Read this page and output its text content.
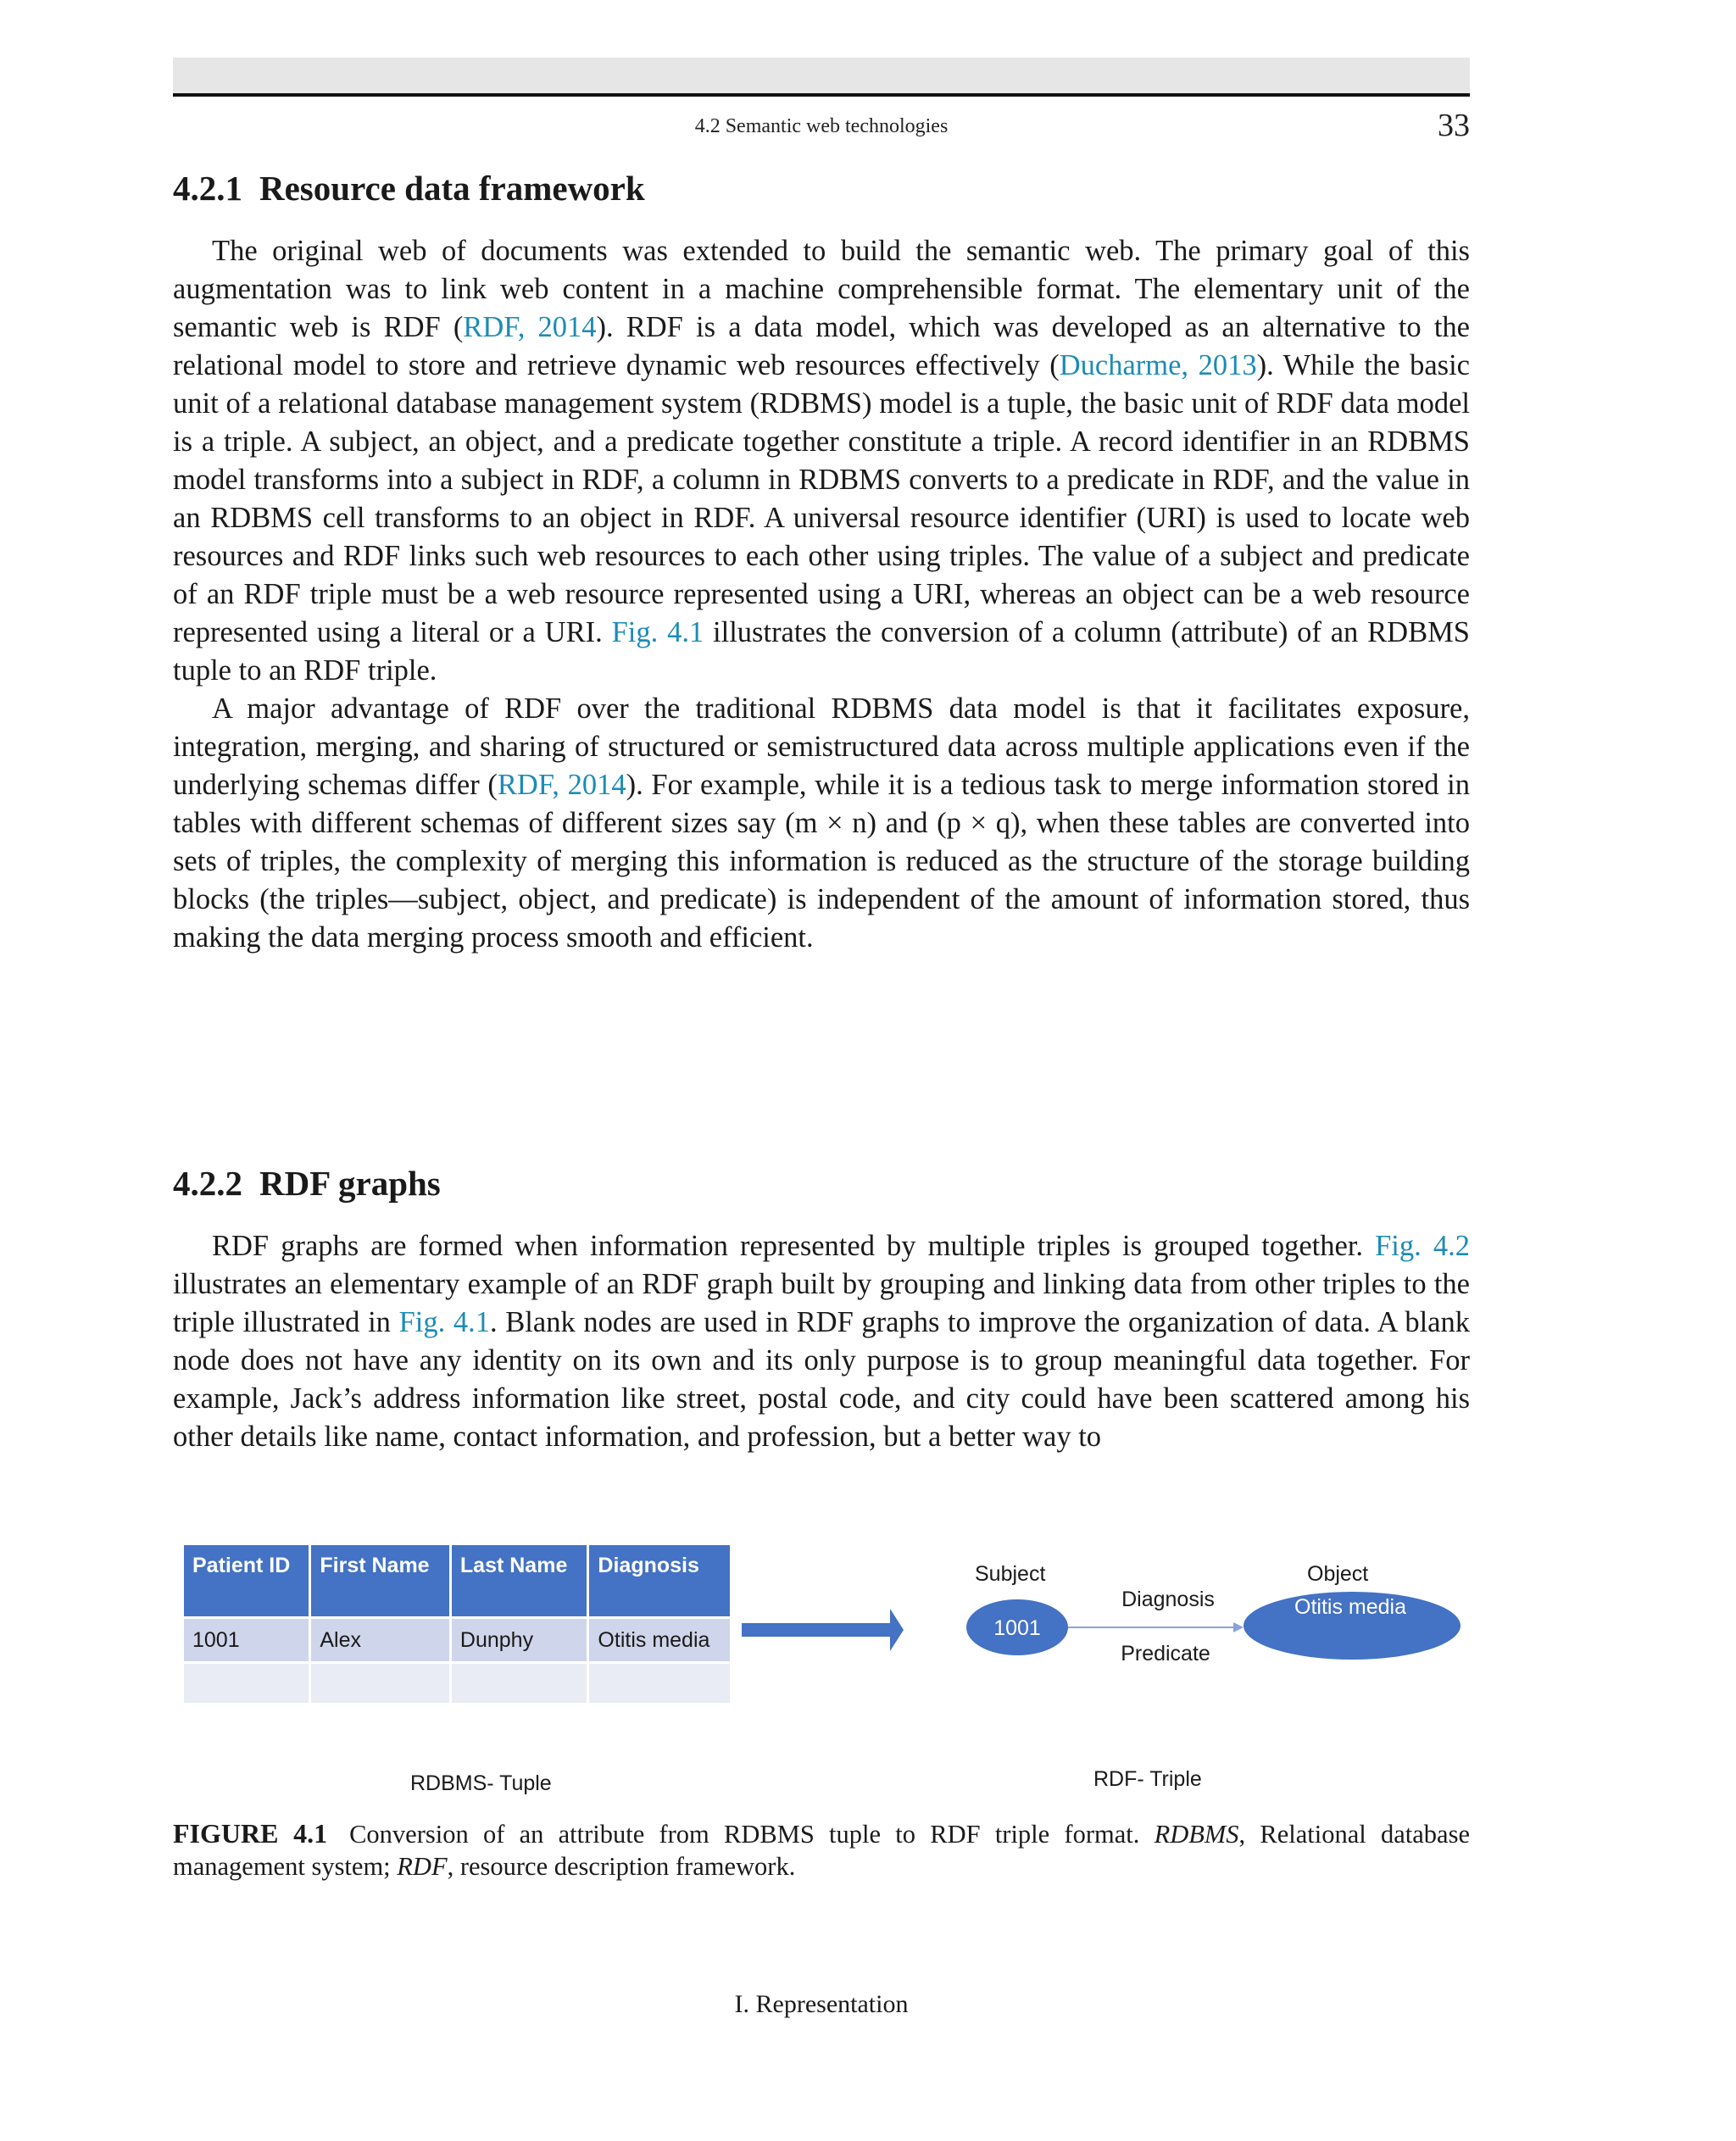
4.2 Semantic web technologies	33
4.2.1 Resource data framework

The original web of documents was extended to build the semantic web. The primary goal of this augmentation was to link web content in a machine comprehensible format. The elementary unit of the semantic web is RDF (RDF, 2014). RDF is a data model, which was developed as an alternative to the relational model to store and retrieve dynamic web resources effectively (Ducharme, 2013). While the basic unit of a relational database management system (RDBMS) model is a tuple, the basic unit of RDF data model is a triple. A subject, an object, and a predicate together constitute a triple. A record identifier in an RDBMS model transforms into a subject in RDF, a column in RDBMS converts to a predicate in RDF, and the value in an RDBMS cell transforms to an object in RDF. A universal resource identifier (URI) is used to locate web resources and RDF links such web resources to each other using triples. The value of a subject and predicate of an RDF triple must be a web resource represented using a URI, whereas an object can be a web resource represented using a literal or a URI. Fig. 4.1 illustrates the conversion of a column (attribute) of an RDBMS tuple to an RDF triple.

A major advantage of RDF over the traditional RDBMS data model is that it facilitates exposure, integration, merging, and sharing of structured or semistructured data across multiple applications even if the underlying schemas differ (RDF, 2014). For example, while it is a tedious task to merge information stored in tables with different schemas of different sizes say (m × n) and (p × q), when these tables are converted into sets of triples, the complexity of merging this information is reduced as the structure of the storage building blocks (the triples—subject, object, and predicate) is independent of the amount of information stored, thus making the data merging process smooth and efficient.

4.2.2 RDF graphs

RDF graphs are formed when information represented by multiple triples is grouped together. Fig. 4.2 illustrates an elementary example of an RDF graph built by grouping and linking data from other triples to the triple illustrated in Fig. 4.1. Blank nodes are used in RDF graphs to improve the organization of data. A blank node does not have any identity on its own and its only purpose is to group meaningful data together. For example, Jack’s address information like street, postal code, and city could have been scattered among his other details like name, contact information, and profession, but a better way to

Patient ID	First Name	Last Name	Diagnosis
1001	Alex	Dunphy	Otitis media

Subject	Object
1001
Otitis media
Diagnosis
Predicate
RDBMS- Tuple	RDF- Triple
FIGURE 4.1 Conversion of an attribute from RDBMS tuple to RDF triple format. RDBMS, Relational database management system; RDF, resource description framework.
I. Representation
